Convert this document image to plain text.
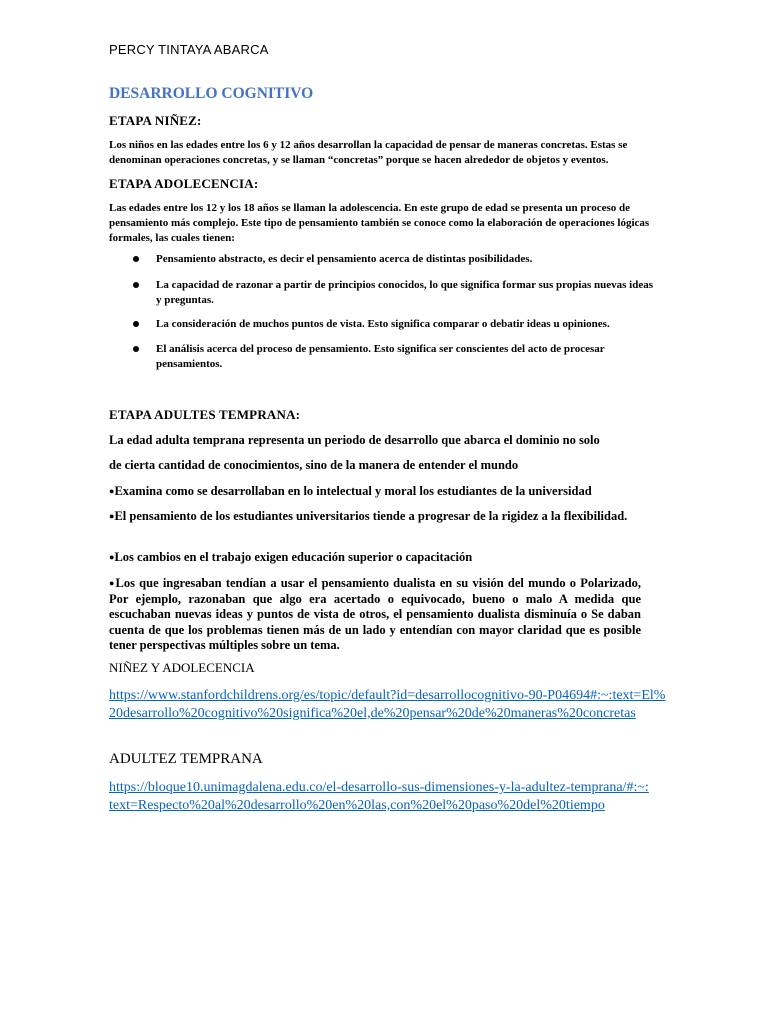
PERCY TINTAYA ABARCA
DESARROLLO COGNITIVO
ETAPA NIÑEZ:

Los niños en las edades entre los 6 y 12 años desarrollan la capacidad de pensar de maneras concretas. Estas se denominan operaciones concretas, y se llaman “concretas” porque se hacen alrededor de objetos y eventos.

ETAPA ADOLECENCIA:

Las edades entre los 12 y los 18 años se llaman la adolescencia. En este grupo de edad se presenta un proceso de pensamiento más complejo. Este tipo de pensamiento también se conoce como la elaboración de operaciones lógicas formales, las cuales tienen:

Pensamiento abstracto, es decir el pensamiento acerca de distintas posibilidades.
La capacidad de razonar a partir de principios conocidos, lo que significa formar sus propias nuevas ideas y preguntas.
La consideración de muchos puntos de vista. Esto significa comparar o debatir ideas u opiniones.
El análisis acerca del proceso de pensamiento. Esto significa ser conscientes del acto de procesar pensamientos.
ETAPA ADULTES TEMPRANA:

La edad adulta temprana representa un periodo de desarrollo que abarca el dominio no solo

de cierta cantidad de conocimientos, sino de la manera de entender el mundo

●Examina como se desarrollaban en lo intelectual y moral los estudiantes de la universidad

●El pensamiento de los estudiantes universitarios tiende a progresar de la rigidez a la flexibilidad.

●Los cambios en el trabajo exigen educación superior o capacitación

●Los que ingresaban tendían a usar el pensamiento dualista en su visión del mundo o Polarizado, Por ejemplo, razonaban que algo era acertado o equivocado, bueno o malo A medida que escuchaban nuevas ideas y puntos de vista de otros, el pensamiento dualista disminuía o Se daban cuenta de que los problemas tienen más de un lado y entendían con mayor claridad que es posible tener perspectivas múltiples sobre un tema.

NIÑEZ Y ADOLECENCIA

https://www.stanfordchildrens.org/es/topic/default?id=desarrollocognitivo-90-P04694#:~:text=El%20desarrollo%20cognitivo%20significa%20el,de%20pensar%20de%20maneras%20concretas

ADULTEZ TEMPRANA

https://bloque10.unimagdalena.edu.co/el-desarrollo-sus-dimensiones-y-la-adultez-temprana/#:~:text=Respecto%20al%20desarrollo%20en%20las,con%20el%20paso%20del%20tiempo
